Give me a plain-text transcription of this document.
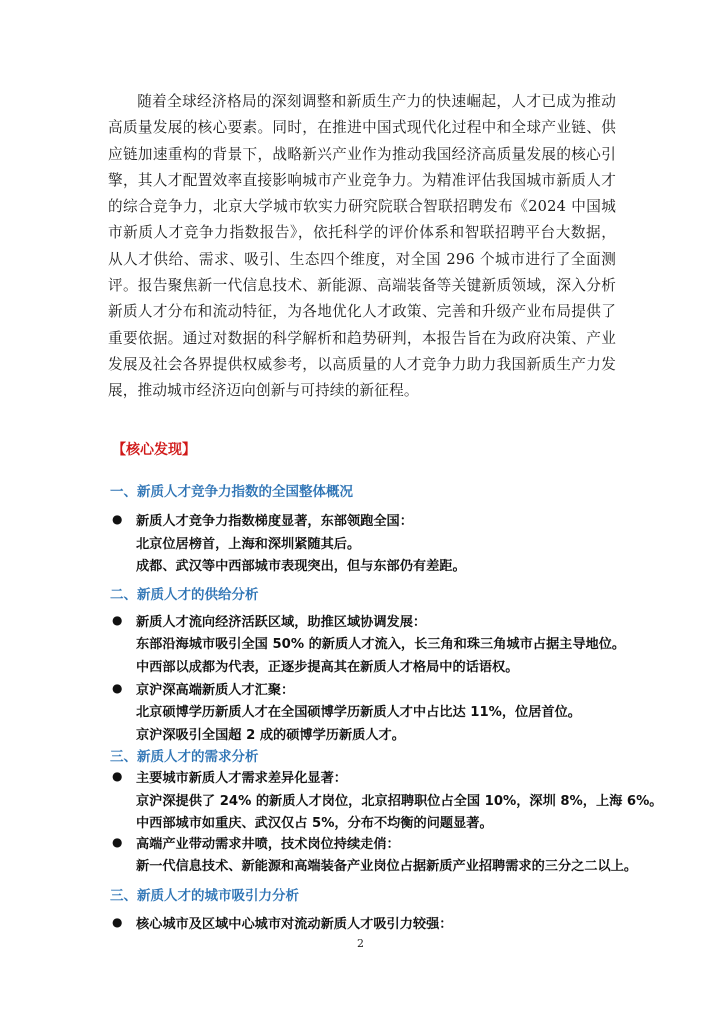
随着全球经济格局的深刻调整和新质生产力的快速崛起，人才已成为推动高质量发展的核心要素。同时，在推进中国式现代化过程中和全球产业链、供应链加速重构的背景下，战略新兴产业作为推动我国经济高质量发展的核心引擎，其人才配置效率直接影响城市产业竞争力。为精准评估我国城市新质人才的综合竞争力，北京大学城市软实力研究院联合智联招聘发布《2024 中国城市新质人才竞争力指数报告》，依托科学的评价体系和智联招聘平台大数据，从人才供给、需求、吸引、生态四个维度，对全国 296 个城市进行了全面测评。报告聚焦新一代信息技术、新能源、高端装备等关键新质领域，深入分析新质人才分布和流动特征，为各地优化人才政策、完善和升级产业布局提供了重要依据。通过对数据的科学解析和趋势研判，本报告旨在为政府决策、产业发展及社会各界提供权威参考，以高质量的人才竞争力助力我国新质生产力发展，推动城市经济迈向创新与可持续的新征程。

【核心发现】
一、新质人才竞争力指数的全国整体概况
● 新质人才竞争力指数梯度显著，东部领跑全国：
北京位居榜首，上海和深圳紧随其后。
成都、武汉等中西部城市表现突出，但与东部仍有差距。
二、新质人才的供给分析
● 新质人才流向经济活跃区域，助推区域协调发展：
东部沿海城市吸引全国 50% 的新质人才流入，长三角和珠三角城市占据主导地位。
中西部以成都为代表，正逐步提高其在新质人才格局中的话语权。
● 京沪深高端新质人才汇聚：
北京硕博学历新质人才在全国硕博学历新质人才中占比达 11%，位居首位。
京沪深吸引全国超 2 成的硕博学历新质人才。
三、新质人才的需求分析
● 主要城市新质人才需求差异化显著：
京沪深提供了 24% 的新质人才岗位，北京招聘职位占全国 10%，深圳 8%，上海 6%。
中西部城市如重庆、武汉仅占 5%，分布不均衡的问题显著。
● 高端产业带动需求井喷，技术岗位持续走俏：
新一代信息技术、新能源和高端装备产业岗位占据新质产业招聘需求的三分之二以上。
三、新质人才的城市吸引力分析
● 核心城市及区域中心城市对流动新质人才吸引力较强：
2
